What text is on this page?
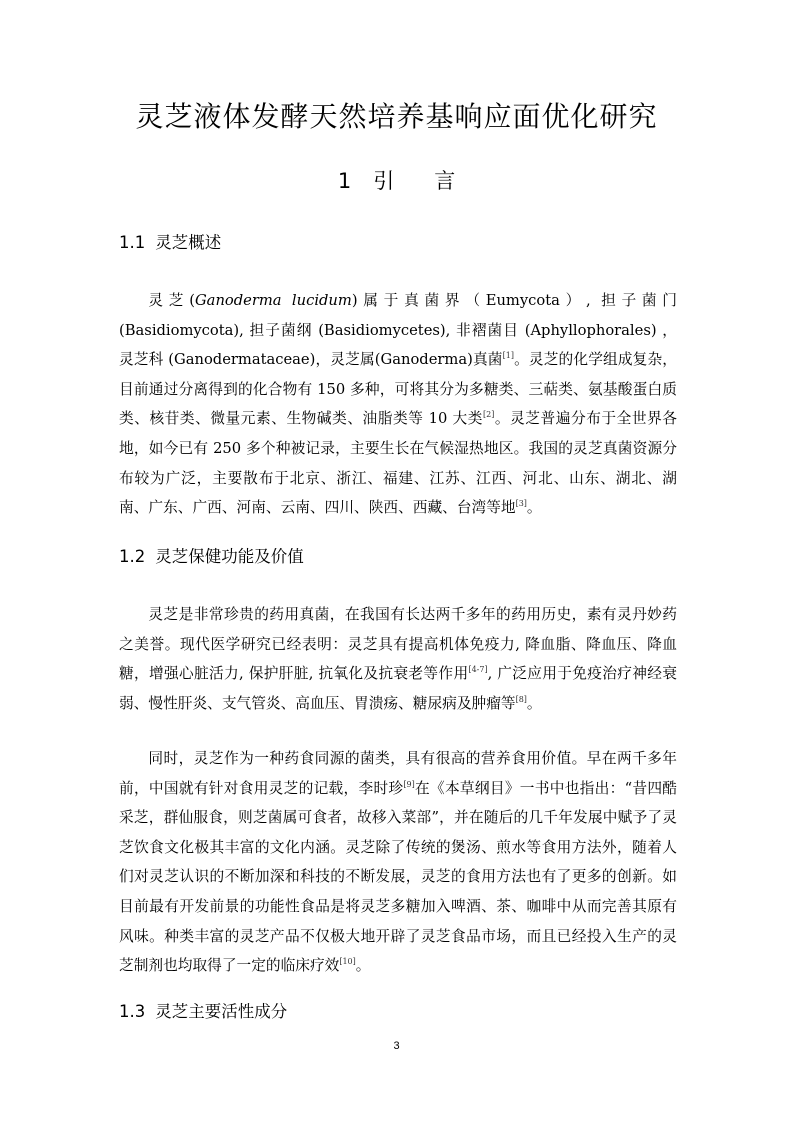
灵芝液体发酵天然培养基响应面优化研究
1 引 言
1.1 灵芝概述
灵芝(Ganoderma lucidum)属于真菌界（Eumycota）, 担子菌门(Basidiomycota), 担子菌纲 (Basidiomycetes), 非褶菌目 (Aphyllophorales) ， 灵芝科 (Ganodermataceae)，灵芝属(Ganoderma)真菌[1]。灵芝的化学组成复杂，目前通过分离得到的化合物有 150 多种，可将其分为多糖类、三萜类、氨基酸蛋白质类、核苷类、微量元素、生物碱类、油脂类等 10 大类[2]。灵芝普遍分布于全世界各地，如今已有 250 多个种被记录，主要生长在气候湿热地区。我国的灵芝真菌资源分布较为广泛，主要散布于北京、浙江、福建、江苏、江西、河北、山东、湖北、湖南、广东、广西、河南、云南、四川、陕西、西藏、台湾等地[3]。
1.2 灵芝保健功能及价值
灵芝是非常珍贵的药用真菌，在我国有长达两千多年的药用历史，素有灵丹妙药之美誉。现代医学研究已经表明：灵芝具有提高机体免疫力, 降血脂、降血压、降血糖，增强心脏活力, 保护肝脏, 抗氧化及抗衰老等作用[4-7], 广泛应用于免疫治疗神经衰弱、慢性肝炎、支气管炎、高血压、胃溃疡、糖尿病及肿瘤等[8]。
同时，灵芝作为一种药食同源的菌类，具有很高的营养食用价值。早在两千多年前，中国就有针对食用灵芝的记载，李时珍[9]在《本草纲目》一书中也指出：“昔四酷采芝，群仙服食，则芝菌属可食者，故移入菜部”，并在随后的几千年发展中赋予了灵芝饮食文化极其丰富的文化内涵。灵芝除了传统的煲汤、煎水等食用方法外，随着人们对灵芝认识的不断加深和科技的不断发展，灵芝的食用方法也有了更多的创新。如目前最有开发前景的功能性食品是将灵芝多糖加入啤酒、茶、咖啡中从而完善其原有风味。种类丰富的灵芝产品不仅极大地开辟了灵芝食品市场，而且已经投入生产的灵芝制剂也均取得了一定的临床疗效[10]。
1.3 灵芝主要活性成分
3
